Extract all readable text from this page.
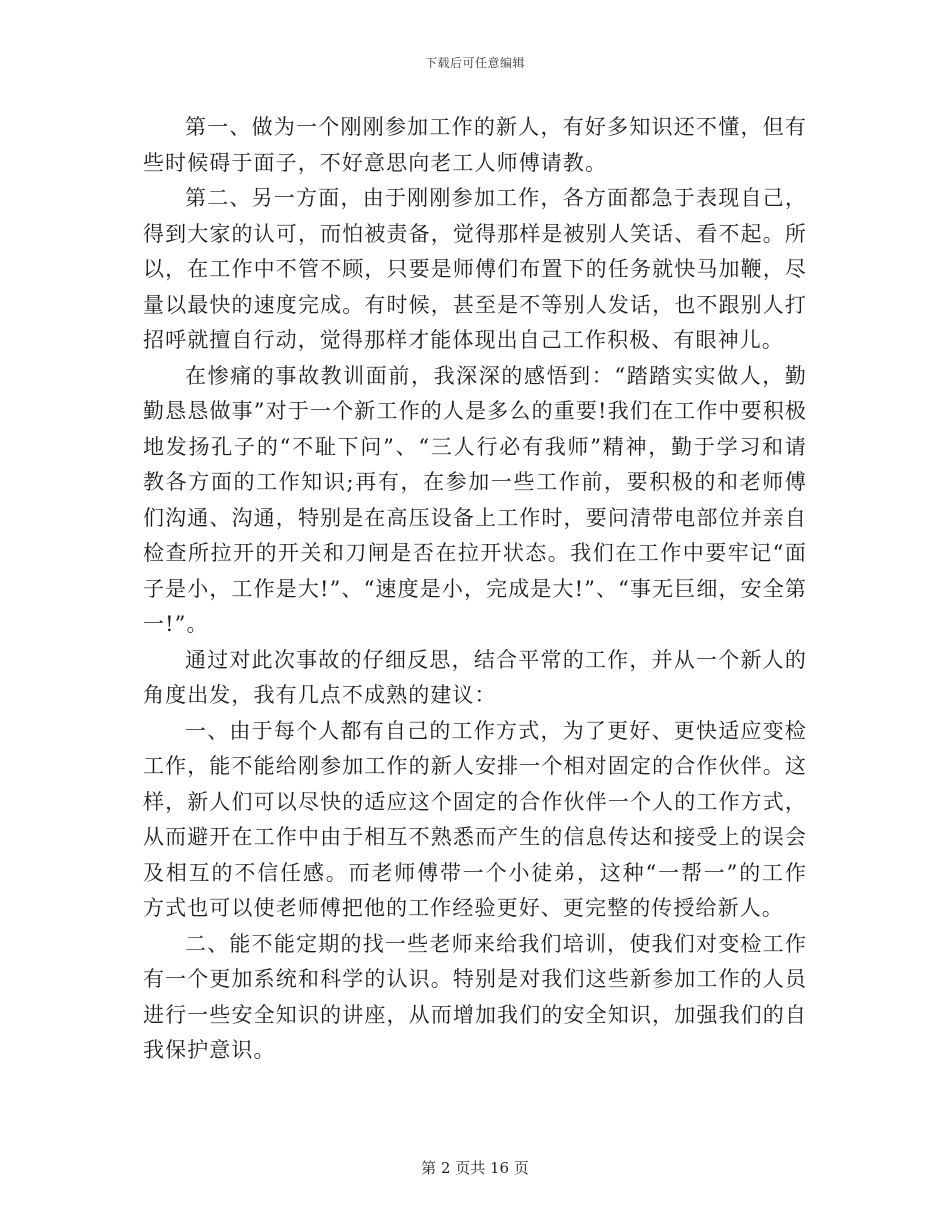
下载后可任意编辑

第一、做为一个刚刚参加工作的新人，有好多知识还不懂，但有些时候碍于面子，不好意思向老工人师傅请教。

第二、另一方面，由于刚刚参加工作，各方面都急于表现自己，得到大家的认可，而怕被责备，觉得那样是被别人笑话、看不起。所以，在工作中不管不顾，只要是师傅们布置下的任务就快马加鞭，尽量以最快的速度完成。有时候，甚至是不等别人发话，也不跟别人打招呼就擅自行动，觉得那样才能体现出自己工作积极、有眼神儿。

在惨痛的事故教训面前，我深深的感悟到：“踏踏实实做人，勤勤恳恳做事”对于一个新工作的人是多么的重要!我们在工作中要积极地发扬孔子的“不耻下问”、“三人行必有我师”精神，勤于学习和请教各方面的工作知识;再有，在参加一些工作前，要积极的和老师傅们沟通、沟通，特别是在高压设备上工作时，要问清带电部位并亲自检查所拉开的开关和刀闸是否在拉开状态。我们在工作中要牢记“面子是小，工作是大!”、“速度是小，完成是大!”、“事无巨细，安全第一!”。

通过对此次事故的仔细反思，结合平常的工作，并从一个新人的角度出发，我有几点不成熟的建议：

一、由于每个人都有自己的工作方式，为了更好、更快适应变检工作，能不能给刚参加工作的新人安排一个相对固定的合作伙伴。这样，新人们可以尽快的适应这个固定的合作伙伴一个人的工作方式，从而避开在工作中由于相互不熟悉而产生的信息传达和接受上的误会及相互的不信任感。而老师傅带一个小徒弟，这种“一帮一”的工作方式也可以使老师傅把他的工作经验更好、更完整的传授给新人。

二、能不能定期的找一些老师来给我们培训，使我们对变检工作有一个更加系统和科学的认识。特别是对我们这些新参加工作的人员进行一些安全知识的讲座，从而增加我们的安全知识，加强我们的自我保护意识。

第 2 页共 16 页
